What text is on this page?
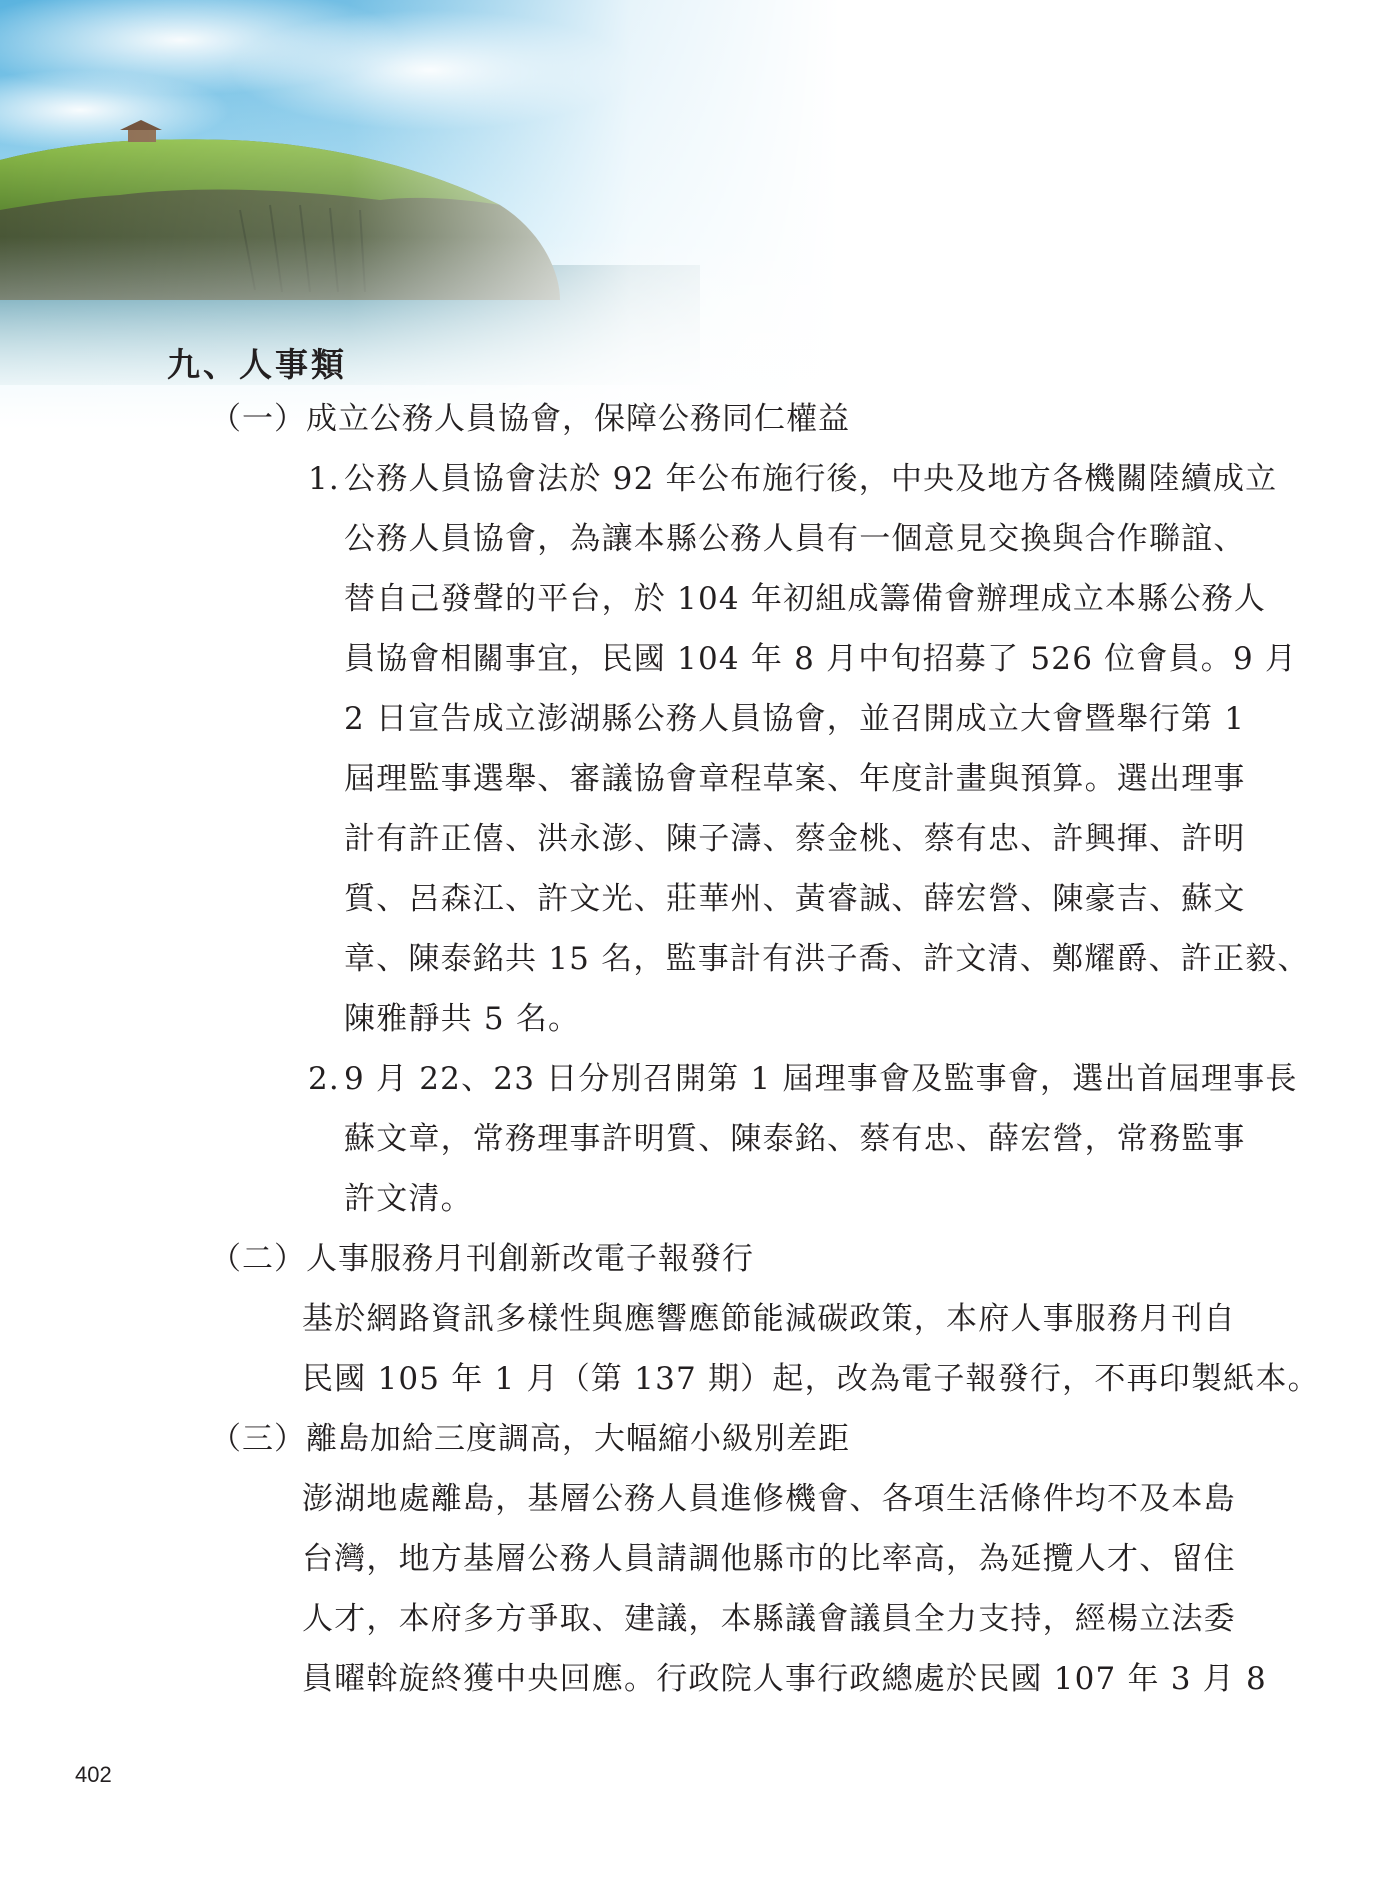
九、人事類
（一）成立公務人員協會，保障公務同仁權益
1. 公務人員協會法於 92 年公布施行後，中央及地方各機關陸續成立
公務人員協會，為讓本縣公務人員有一個意見交換與合作聯誼、
替自己發聲的平台，於 104 年初組成籌備會辦理成立本縣公務人
員協會相關事宜，民國 104 年 8 月中旬招募了 526 位會員。9 月
2 日宣告成立澎湖縣公務人員協會，並召開成立大會暨舉行第 1
屆理監事選舉、審議協會章程草案、年度計畫與預算。選出理事
計有許正僖、洪永澎、陳子濤、蔡金桃、蔡有忠、許興揮、許明
質、呂森江、許文光、莊華州、黃睿誠、薛宏營、陳豪吉、蘇文
章、陳泰銘共 15 名，監事計有洪子喬、許文清、鄭耀爵、許正毅、
陳雅靜共 5 名。
2. 9 月 22、23 日分別召開第 1 屆理事會及監事會，選出首屆理事長
蘇文章，常務理事許明質、陳泰銘、蔡有忠、薛宏營，常務監事
許文清。
（二）人事服務月刊創新改電子報發行
基於網路資訊多樣性與應響應節能減碳政策，本府人事服務月刊自
民國 105 年 1 月（第 137 期）起，改為電子報發行，不再印製紙本。
（三）離島加給三度調高，大幅縮小級別差距
澎湖地處離島，基層公務人員進修機會、各項生活條件均不及本島
台灣，地方基層公務人員請調他縣市的比率高，為延攬人才、留住
人才，本府多方爭取、建議，本縣議會議員全力支持，經楊立法委
員曜斡旋終獲中央回應。行政院人事行政總處於民國 107 年 3 月 8
402
